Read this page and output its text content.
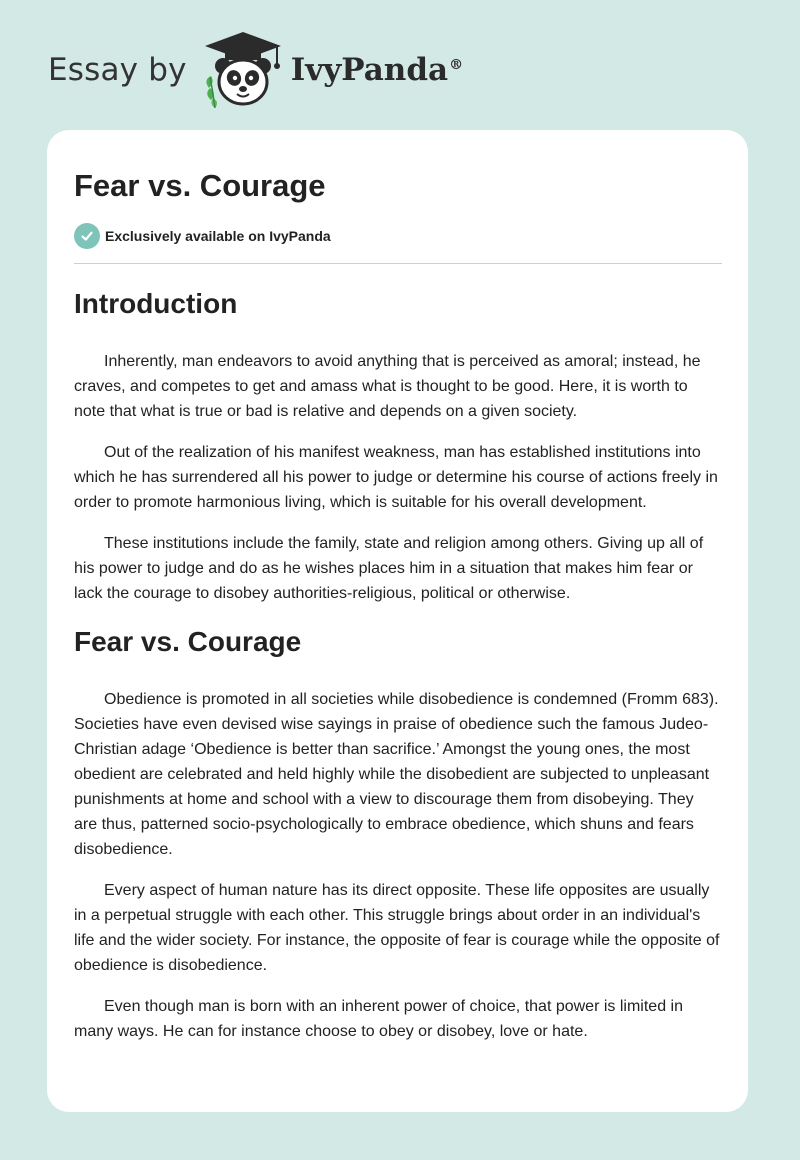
Essay by	IvyPanda®
Fear vs. Courage
Exclusively available on IvyPanda
Introduction

Inherently, man endeavors to avoid anything that is perceived as amoral; instead, he craves, and competes to get and amass what is thought to be good. Here, it is worth to note that what is true or bad is relative and depends on a given society.

Out of the realization of his manifest weakness, man has established institutions into which he has surrendered all his power to judge or determine his course of actions freely in order to promote harmonious living, which is suitable for his overall development.

These institutions include the family, state and religion among others. Giving up all of his power to judge and do as he wishes places him in a situation that makes him fear or lack the courage to disobey authorities-religious, political or otherwise.

Fear vs. Courage

Obedience is promoted in all societies while disobedience is condemned (Fromm 683). Societies have even devised wise sayings in praise of obedience such the famous Judeo-Christian adage ‘Obedience is better than sacrifice.’ Amongst the young ones, the most obedient are celebrated and held highly while the disobedient are subjected to unpleasant punishments at home and school with a view to discourage them from disobeying. They are thus, patterned socio-psychologically to embrace obedience, which shuns and fears disobedience.

Every aspect of human nature has its direct opposite. These life opposites are usually in a perpetual struggle with each other. This struggle brings about order in an individual's life and the wider society. For instance, the opposite of fear is courage while the opposite of obedience is disobedience.

Even though man is born with an inherent power of choice, that power is limited in many ways. He can for instance choose to obey or disobey, love or hate.
